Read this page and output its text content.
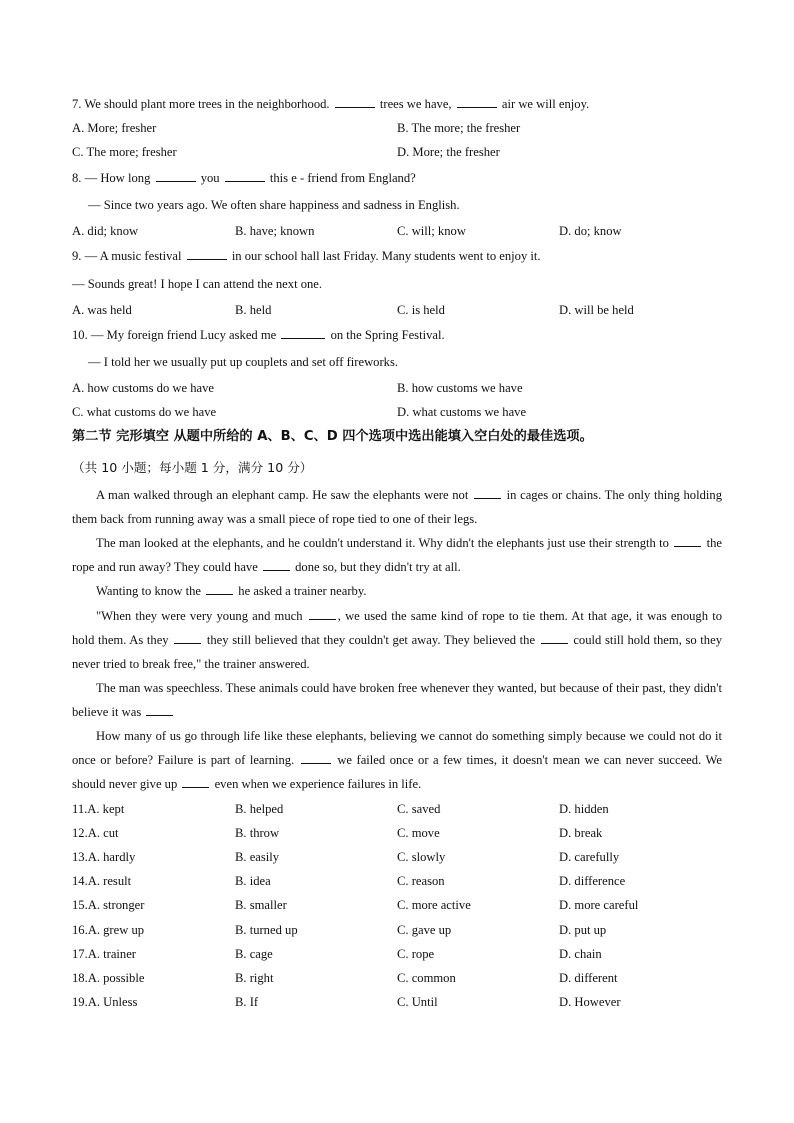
7. We should plant more trees in the neighborhood.	trees we have,	air we will enjoy.
A. More; fresher	B. The more; the fresher
C. The more; fresher	D. More; the fresher
8. — How long	you	this e - friend from England?
— Since two years ago. We often share happiness and sadness in English.
A. did; know	B. have; known	C. will; know	D. do; know
9. — A music festival	in our school hall last Friday. Many students went to enjoy it.
— Sounds great! I hope I can attend the next one.
A. was held	B. held	C. is held	D. will be held
10. — My foreign friend Lucy asked me	on the Spring Festival.
— I told her we usually put up couplets and set off fireworks.
A. how customs do we have	B. how customs we have
C. what customs do we have	D. what customs we have
第二节 完形填空 从题中所给的 A、B、C、D 四个选项中选出能填入空白处的最佳选项。
（共 10 小题；每小题 1 分，满分 10 分）
A man walked through an elephant camp. He saw the elephants were not	in cages or chains. The only thing holding them back from running away was a small piece of rope tied to one of their legs.
The man looked at the elephants, and he couldn't understand it. Why didn't the elephants just use their strength to	the rope and run away? They could have	done so, but they didn't try at all.
Wanting to know the	he asked a trainer nearby.
"When they were very young and much	, we used the same kind of rope to tie them. At that age, it was enough to hold them. As they	they still believed that they couldn't get away. They believed the	could still hold them, so they never tried to break free," the trainer answered.
The man was speechless. These animals could have broken free whenever they wanted, but because of their past, they didn't believe it was
How many of us go through life like these elephants, believing we cannot do something simply because we could not do it once or before? Failure is part of learning.	we failed once or a few times, it doesn't mean we can never succeed. We should never give up	even when we experience failures in life.
11.A. kept	B. helped	C. saved	D. hidden
12.A. cut	B. throw	C. move	D. break
13.A. hardly	B. easily	C. slowly	D. carefully
14.A. result	B. idea	C. reason	D. difference
15.A. stronger	B. smaller	C. more active	D. more careful
16.A. grew up	B. turned up	C. gave up	D. put up
17.A. trainer	B. cage	C. rope	D. chain
18.A. possible	B. right	C. common	D. different
19.A. Unless	B. If	C. Until	D. However
